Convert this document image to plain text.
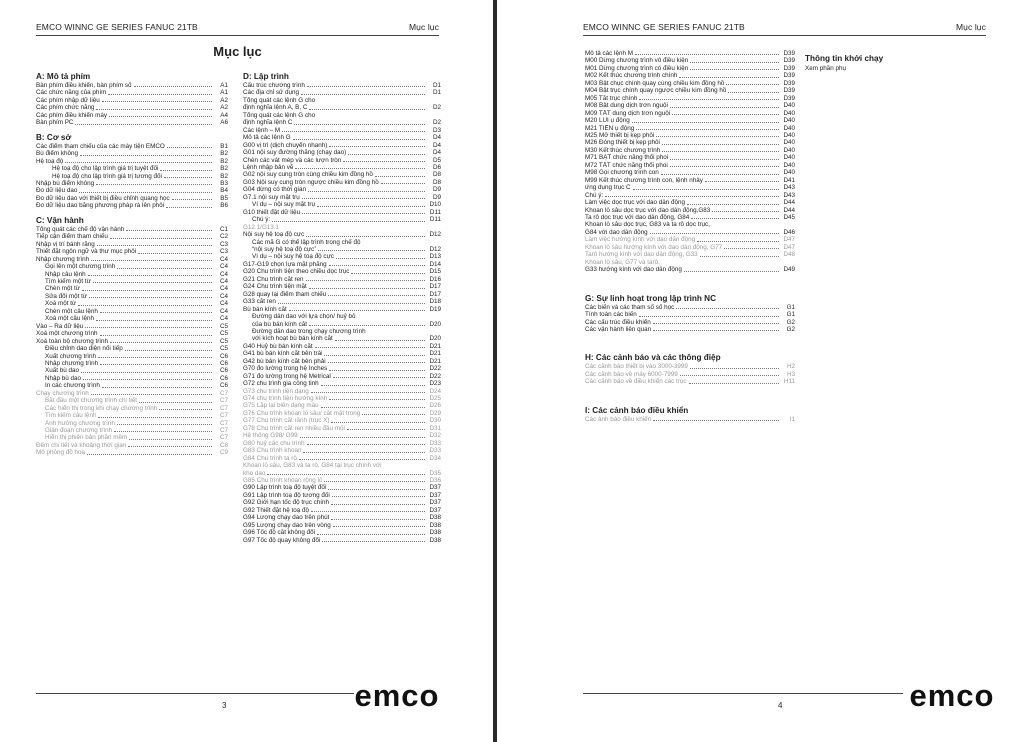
EMCO WINNC GE SERIES FANUC 21TB	Mục lục
Mục lục
A: Mô tả phím
Bàn phím điều khiển, bàn phím số	A1
Các chức năng của phím	A1
Các phím nhập dữ liệu	A2
Các phím chức năng	A2
Các phím điều khiển máy	A4
Bàn phím PC	A6
B: Cơ sở
Các điểm tham chiếu của các máy tiện EMCO	B1
Bù điểm không	B2
Hệ toạ độ	B2
Hệ toạ độ cho lập trình giá trị tuyệt đối	B2
Hệ toạ độ cho lập trình giá trị tương đối	B2
Nhập bù điểm không	B3
Đo dữ liệu dao	B4
Đo dữ liệu dao với thiết bị điều chỉnh quang học	B5
Đo dữ liệu dao bằng phương pháp rà lên phôi	B6
C: Vận hành
Tổng quát các chế độ vận hành	C1
Tiếp cận điểm tham chiếu	C2
Nhập vị trí bánh răng	C3
Thiết đặt ngôn ngữ và thư mục phôi	C3
Nhập chương trình	C4
Gọi lên một chương trình	C4
Nhập câu lệnh	C4
Tìm kiếm một từ	C4
Chèn một từ	C4
Sửa đổi một từ	C4
Xoá một từ	C4
Chèn một câu lệnh	C4
Xoá một câu lệnh	C4
Vào – Ra dữ liệu	C5
Xoá một chương trình	C5
Xoá toàn bộ chương trình	C5
Điều chỉnh dao diện nối tiếp	C5
Xuất chương trình	C6
Nhập chương trình	C6
Xuất bù dao	C6
Nhập bù dao	C6
In các chương trình	C6
Chạy chương trình	C7
Bắt đầu một chương trình chi tiết	C7
Các hiển thị trong khi chạy chương trình	C7
Tìm kiếm câu lệnh	C7
Ảnh hưởng chương trình	C7
Gián đoạn chương trình	C7
Hiển thị phiên bản phần mềm	C7
Đếm chi tiết và khoảng thời gian	C8
Mô phỏng đồ hoạ	C9
D: Lập trình
Cấu trúc chương trình	D1
Các địa chỉ sử dụng	D1
Tổng quát các lệnh G cho
định nghĩa lệnh A, B, C	D2
Tổng quát các lệnh G cho
định nghĩa lệnh C	D2
Các lệnh – M	D3
Mô tả các lệnh G	D4
G00 vị trí (dịch chuyển nhanh)	D4
G01 nội suy đường thẳng (chạy dao)	D4
Chèn các vát mép và các lượn tròn	D5
Lệnh nhập bản vẽ	D6
G02 nội suy cung tròn cùng chiều kim đồng hồ	D8
G03 Nội suy cung tròn ngược chiều kim đồng hồ	D8
G04 dừng có thời gian	D9
G7.1 nội suy mặt trụ	D9
Ví dụ – nội suy mặt trụ	D10
G10 thiết đặt dữ liệu	D11
Chú ý:	D11
G12.1/G13.1
Nội suy hệ toạ độ cực	D12
Các mã G có thể lập trình trong chế độ
“nội suy hệ toạ độ cực”	D12
Ví dụ – nội suy hệ toạ độ cực	D13
G17-G19 chọn lựa mặt phẳng	D14
G20 Chu trình tiện theo chiều dọc trục	D15
G21 Chu trình cắt ren	D16
G24 Chu trình tiện mặt	D17
G28 quay lại điểm tham chiếu	D17
G33 cắt ren	D18
Bù bán kính cắt	D19
Đường dẫn dao với lựa chọn/ huỷ bỏ
của bù bán kính cắt	D20
Đường dẫn dao trong chạy chương trình
với kích hoạt bù bán kính cắt	D20
G40 Huỷ bù bán kính cắt	D21
G41 bù bán kính cắt bên trái	D21
G42 bù bán kính cắt bên phải	D21
G70 đo lường trong hệ Inches	D22
G71 đo lường trong hệ Metrical	D22
G72 chu trình gia công tinh	D23
G73 chu trình tiện dạng	D24
G74 chu trình tiện hướng kính	D25
G75 Lặp lại biên dạng mẫu	D26
G76 Chu trình khoan lỗ sâu/ cắt mặt trong	D29
G77 Chu trình cắt rãnh (trục X)	D30
G78 Chu trình cắt ren nhiều đầu mối	D31
Hệ thống G98/ G99	D32
G80 huỷ các chu trình	D33
G83 Chu trình khoan	D33
G84 Chu trình ta rô	D34
Khoan lỗ sâu, G83 và ta rô, G84 tại trục chính với
kho dao	D35
G85 Chu trình khoan rộng lỗ	D36
G90 Lập trình toạ độ tuyệt đối	D37
G91 Lập trình toạ độ tương đối	D37
G92 Giới hạn tốc độ trục chính	D37
G92 Thiết đặt hệ toạ độ	D37
G94 Lượng chạy dao trên phút	D38
G95 Lượng chạy dao trên vòng	D38
G96 Tốc độ cắt không đổi	D38
G97 Tốc độ quay không đổi	D38
3	emco
EMCO WINNC GE SERIES FANUC 21TB	Mục lục
Mô tả các lệnh M	D39
M00 Dừng chương trình vô điều kiện	D39
M01 Dừng chương trình có điều kiện	D39
M02 Kết thúc chương trình chính	D39
M03 Bật chục chính quay cùng chiều kim đồng hồ	D39
M04 Bật trục chính quay ngược chiều kim đồng hồ	D39
M05 Tắt trục chính	D39
M08 Bật dung dịch trơn nguội	D40
M09 TẮT dung dịch trơn nguội	D40
M20 LÙI ụ động	D40
M21 TIẾN ụ động	D40
M25 Mở thiết bị kẹp phôi	D40
M26 Đóng thiết bị kẹp phôi	D40
M30 Kết thúc chương trình	D40
M71 BẬT chức năng thổi phoi	D40
M72 TẮT chức năng thổi phoi	D40
M98 Gọi chương trình con	D40
M99 Kết thúc chương trình con, lệnh nhảy	D41
ứng dụng trục C	D43
Chú ý:	D43
Làm việc dọc trục với dao dẫn động	D44
Khoan lỗ sâu dọc trục với dao dẫn động,G83	D44
Ta rô dọc trục với dao dẫn động, G84	D45
Khoan lỗ sâu dọc trục, G83 và ta rô dọc trục,
G84 với dao dẫn động	D46
Làm việc hướng kính với dao dẫn động	D47
Khoan lỗ sâu hướng kính với dao dẫn động, G77	D47
Tarô hướng kính với dao dẫn động, G33	D48
Khoan lỗ sâu, G77 và tarô,
G33 hướng kính với dao dẫn động	D49
G: Sự linh hoạt trong lập trình NC
Các biến và các tham số số học	G1
Tính toán các biến	G1
Các cấu trúc điều khiển	G2
Các vận hành liên quan	G2
H: Các cảnh báo và các thông điệp
Các cảnh báo thiết bị vào 3000-3999	H2
Các cảnh báo về máy 6000-7999	H3
Các cảnh báo về điều khiển các trục	H11
I: Các cảnh báo điều khiển
Các ảnh báo điều khiển	I1
Thông tin khởi chạy
Xem phần phụ
4	emco
